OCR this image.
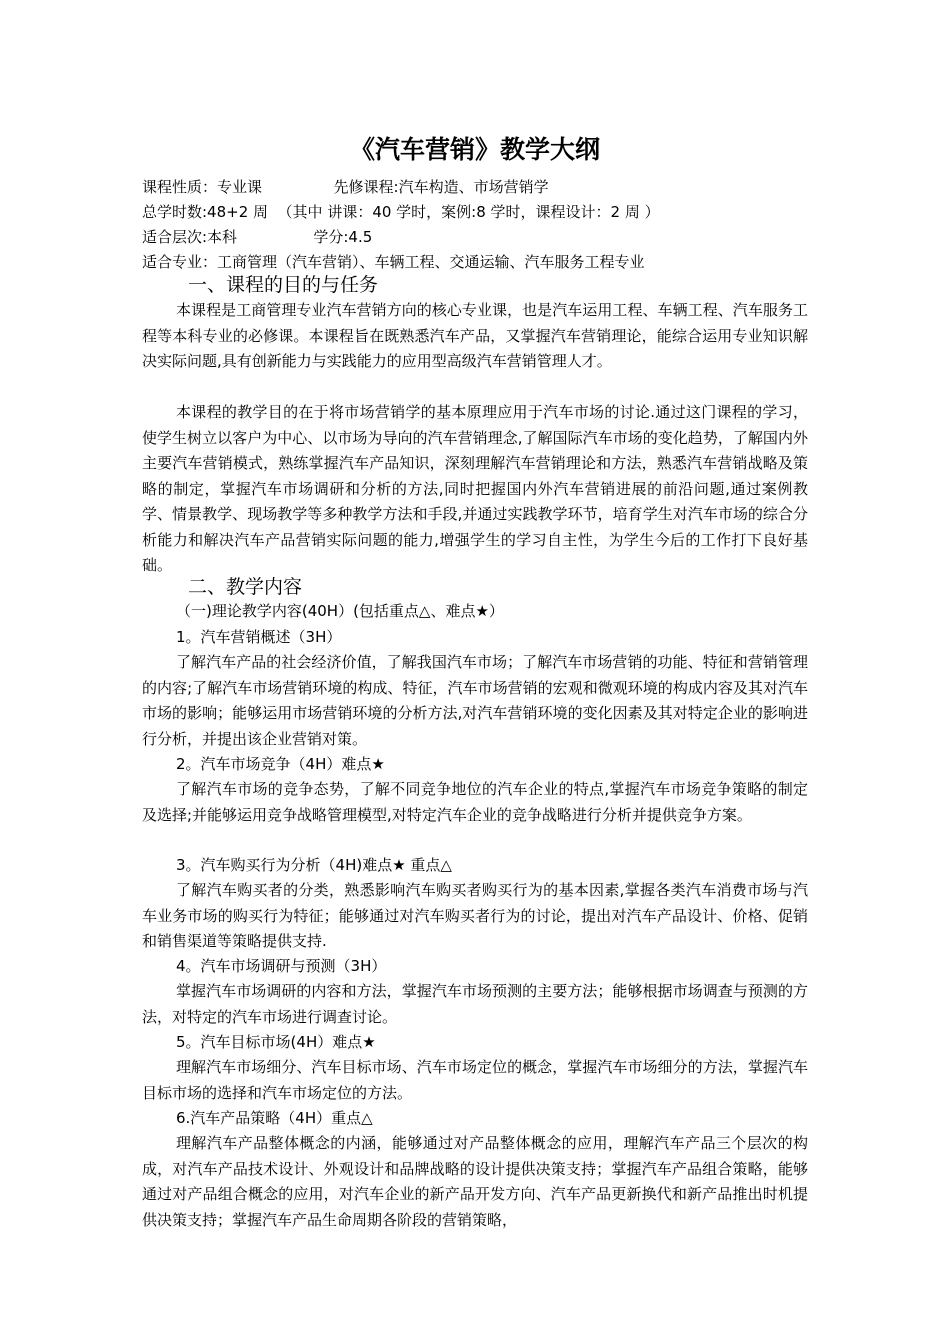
《汽车营销》教学大纲
课程性质：专业课               先修课程:汽车构造、市场营销学
总学时数:48+2 周  （其中 讲课：40 学时，案例:8 学时，课程设计：2 周 ）
适合层次:本科                学分:4.5
适合专业：工商管理（汽车营销）、车辆工程、交通运输、汽车服务工程专业
一、课程的目的与任务

本课程是工商管理专业汽车营销方向的核心专业课，也是汽车运用工程、车辆工程、汽车服务工程等本科专业的必修课。本课程旨在既熟悉汽车产品，又掌握汽车营销理论，能综合运用专业知识解决实际问题,具有创新能力与实践能力的应用型高级汽车营销管理人才。

本课程的教学目的在于将市场营销学的基本原理应用于汽车市场的讨论.通过这门课程的学习，使学生树立以客户为中心、以市场为导向的汽车营销理念,了解国际汽车市场的变化趋势，了解国内外主要汽车营销模式，熟练掌握汽车产品知识，深刻理解汽车营销理论和方法，熟悉汽车营销战略及策略的制定，掌握汽车市场调研和分析的方法,同时把握国内外汽车营销进展的前沿问题,通过案例教学、情景教学、现场教学等多种教学方法和手段,并通过实践教学环节，培育学生对汽车市场的综合分析能力和解决汽车产品营销实际问题的能力,增强学生的学习自主性，为学生今后的工作打下良好基础。

二、教学内容
（一)理论教学内容(40H）(包括重点△、难点★）
1。汽车营销概述（3H）

了解汽车产品的社会经济价值，了解我国汽车市场；了解汽车市场营销的功能、特征和营销管理的内容;了解汽车市场营销环境的构成、特征，汽车市场营销的宏观和微观环境的构成内容及其对汽车市场的影响；能够运用市场营销环境的分析方法,对汽车营销环境的变化因素及其对特定企业的影响进行分析，并提出该企业营销对策。

2。汽车市场竞争（4H）难点★

了解汽车市场的竞争态势，了解不同竞争地位的汽车企业的特点,掌握汽车市场竞争策略的制定及选择;并能够运用竞争战略管理模型,对特定汽车企业的竞争战略进行分析并提供竞争方案。

3。汽车购买行为分析（4H)难点★ 重点△

了解汽车购买者的分类，熟悉影响汽车购买者购买行为的基本因素,掌握各类汽车消费市场与汽车业务市场的购买行为特征；能够通过对汽车购买者行为的讨论，提出对汽车产品设计、价格、促销和销售渠道等策略提供支持.

4。汽车市场调研与预测（3H）

掌握汽车市场调研的内容和方法，掌握汽车市场预测的主要方法；能够根据市场调查与预测的方法，对特定的汽车市场进行调查讨论。

5。汽车目标市场(4H）难点★

理解汽车市场细分、汽车目标市场、汽车市场定位的概念，掌握汽车市场细分的方法，掌握汽车目标市场的选择和汽车市场定位的方法。

6.汽车产品策略（4H）重点△

理解汽车产品整体概念的内涵，能够通过对产品整体概念的应用，理解汽车产品三个层次的构成，对汽车产品技术设计、外观设计和品牌战略的设计提供决策支持；掌握汽车产品组合策略，能够通过对产品组合概念的应用，对汽车企业的新产品开发方向、汽车产品更新换代和新产品推出时机提供决策支持；掌握汽车产品生命周期各阶段的营销策略，
